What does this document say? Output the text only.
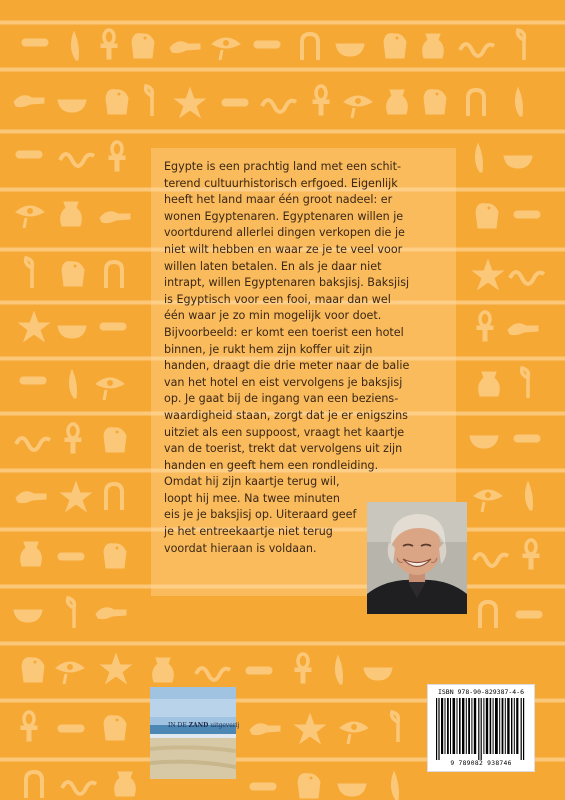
Egypte is een prachtig land met een schit-
terend cultuurhistorisch erfgoed. Eigenlijk
heeft het land maar één groot nadeel: er
wonen Egyptenaren. Egyptenaren willen je
voortdurend allerlei dingen verkopen die je
niet wilt hebben en waar ze je te veel voor
willen laten betalen. En als je daar niet
intrapt, willen Egyptenaren baksjisj. Baksjisj
is Egyptisch voor een fooi, maar dan wel
één waar je zo min mogelijk voor doet.
Bijvoorbeeld: er komt een toerist een hotel
binnen, je rukt hem zijn koffer uit zijn
handen, draagt die drie meter naar de balie
van het hotel en eist vervolgens je baksjisj
op. Je gaat bij de ingang van een beziens-
waardigheid staan, zorgt dat je er enigszins
uitziet als een suppoost, vraagt het kaartje
van de toerist, trekt dat vervolgens uit zijn
handen en geeft hem een rondleiding.
Omdat hij zijn kaartje terug wil,
loopt hij mee. Na twee minuten
eis je je baksjisj op. Uiteraard geef
je het entreekaartje niet terug
voordat hieraan is voldaan.

IN DE ZAND uitgeverij
ISBN 978-90-829387-4-6
9 789082 938746
